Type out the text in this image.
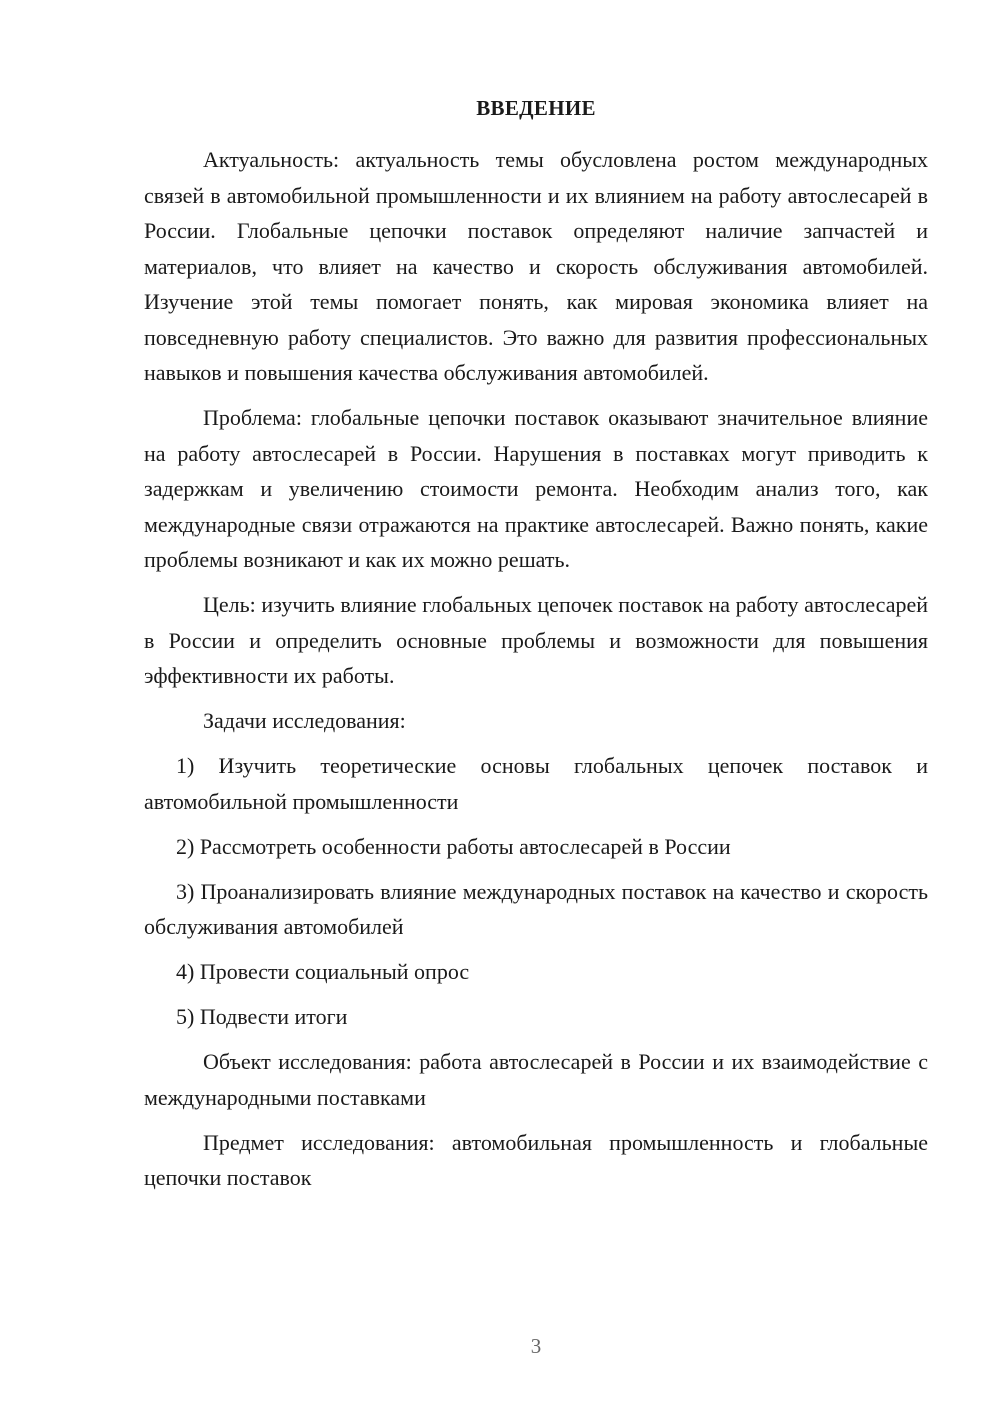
ВВЕДЕНИЕ

Актуальность: актуальность темы обусловлена ростом международных связей в автомобильной промышленности и их влиянием на работу автослесарей в России. Глобальные цепочки поставок определяют наличие запчастей и материалов, что влияет на качество и скорость обслуживания автомобилей. Изучение этой темы помогает понять, как мировая экономика влияет на повседневную работу специалистов. Это важно для развития профессиональных навыков и повышения качества обслуживания автомобилей.

Проблема: глобальные цепочки поставок оказывают значительное влияние на работу автослесарей в России. Нарушения в поставках могут приводить к задержкам и увеличению стоимости ремонта. Необходим анализ того, как международные связи отражаются на практике автослесарей. Важно понять, какие проблемы возникают и как их можно решать.

Цель: изучить влияние глобальных цепочек поставок на работу автослесарей в России и определить основные проблемы и возможности для повышения эффективности их работы.

Задачи исследования:

1) Изучить теоретические основы глобальных цепочек поставок и автомобильной промышленности

2) Рассмотреть особенности работы автослесарей в России

3) Проанализировать влияние международных поставок на качество и скорость обслуживания автомобилей

4) Провести социальный опрос

5) Подвести итоги

Объект исследования: работа автослесарей в России и их взаимодействие с международными поставками

Предмет исследования: автомобильная промышленность и глобальные цепочки поставок

3
